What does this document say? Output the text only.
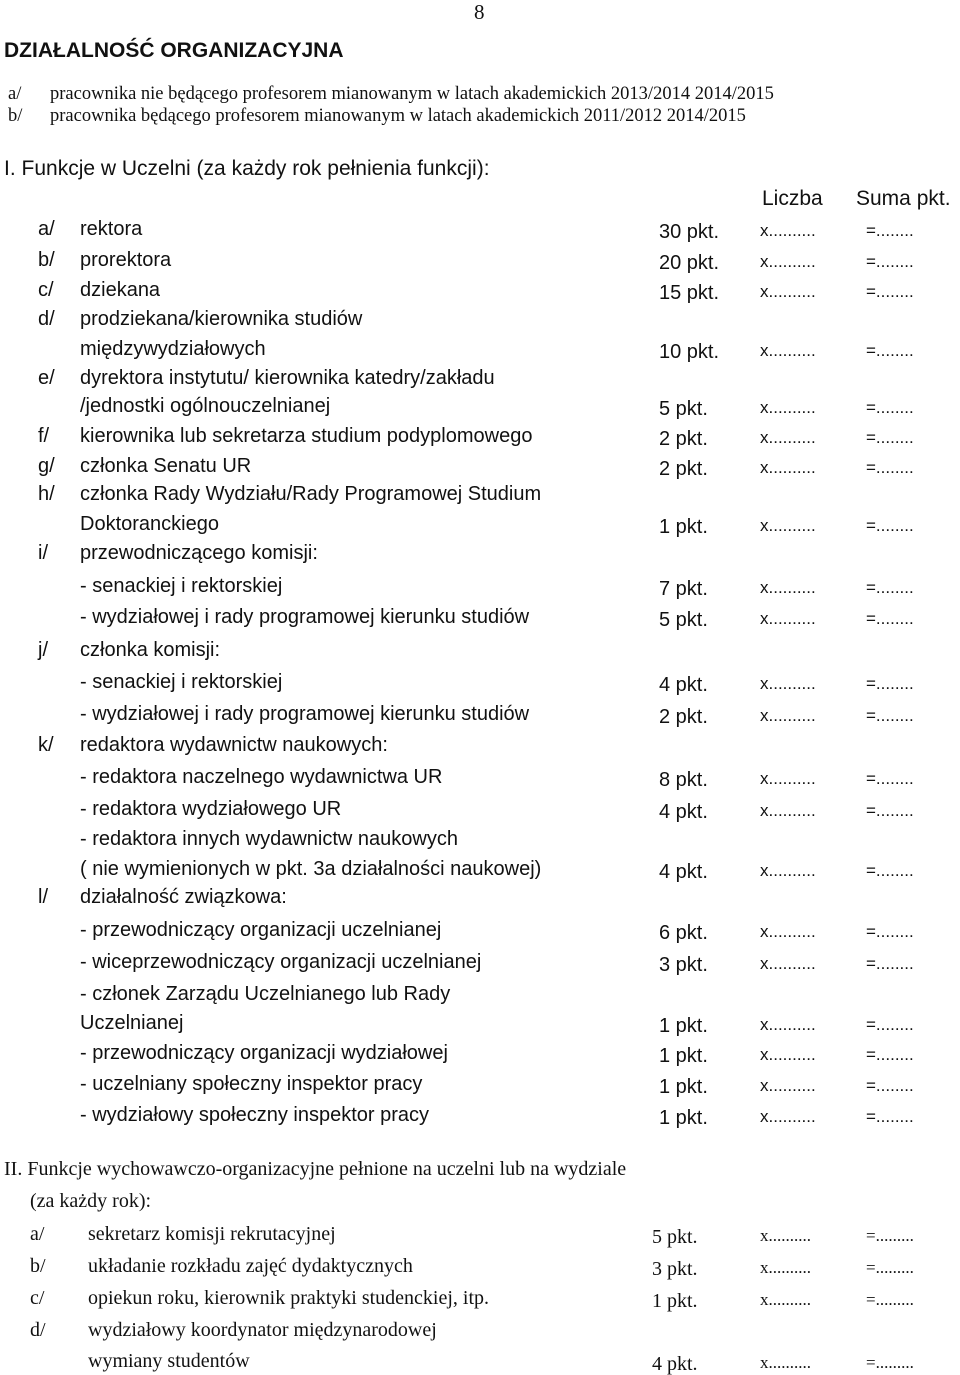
8
DZIAŁALNOŚĆ ORGANIZACYJNA
a/ pracownika nie będącego profesorem mianowanym w latach akademickich 2013/2014 2014/2015
b/ pracownika będącego profesorem mianowanym w latach akademickich 2011/2012 2014/2015
I. Funkcje w Uczelni (za każdy rok pełnienia funkcji):
Liczba Suma pkt.
a/ rektora	30 pkt. x..........	=........
b/ prorektora	20 pkt. x..........	=........
c/ dziekana	15 pkt. x..........	=........
d/ prodziekana/kierownika studiów
międzywydziałowych	10 pkt. x..........	=........
e/ dyrektora instytutu/ kierownika katedry/zakładu
/jednostki ogólnouczelnianej	5 pkt.	x..........	=........
f/ kierownika lub sekretarza studium podyplomowego	2 pkt.	x..........	=........
g/ członka Senatu UR	2 pkt.	x..........	=........
h/ członka Rady Wydziału/Rady Programowej Studium
Doktoranckiego	1 pkt.	x..........	=........
i/ przewodniczącego komisji:
- senackiej i rektorskiej	7 pkt.	x..........	=........
- wydziałowej i rady programowej kierunku studiów	5 pkt.	x..........	=........
j/ członka komisji:
- senackiej i rektorskiej	4 pkt.	x..........	=........
- wydziałowej i rady programowej kierunku studiów	2 pkt.	x..........	=........
k/ redaktora wydawnictw naukowych:
- redaktora naczelnego wydawnictwa UR	8 pkt.	x..........	=........
- redaktora wydziałowego UR	4 pkt.	x..........	=........
- redaktora innych wydawnictw naukowych
( nie wymienionych w pkt. 3a działalności naukowej)	4 pkt.	x..........	=........
l/ działalność związkowa:
- przewodniczący organizacji uczelnianej	6 pkt.	x..........	=........
- wiceprzewodniczący organizacji uczelnianej	3 pkt.	x..........	=........
- członek Zarządu Uczelnianego lub Rady
Uczelnianej	1 pkt.	x..........	=........
- przewodniczący organizacji wydziałowej	1 pkt.	x..........	=........
- uczelniany społeczny inspektor pracy	1 pkt.	x..........	=........
- wydziałowy społeczny inspektor pracy	1 pkt.	x..........	=........
II. Funkcje wychowawczo-organizacyjne pełnione na uczelni lub na wydziale
(za każdy rok):
a/ sekretarz komisji rekrutacyjnej	5 pkt.	x..........	=.........
b/ układanie rozkładu zajęć dydaktycznych	3 pkt.	x..........	=.........
c/ opiekun roku, kierownik praktyki studenckiej, itp.	1 pkt.	x..........	=.........
d/ wydziałowy koordynator międzynarodowej
wymiany studentów	4 pkt.	x..........	=.........
